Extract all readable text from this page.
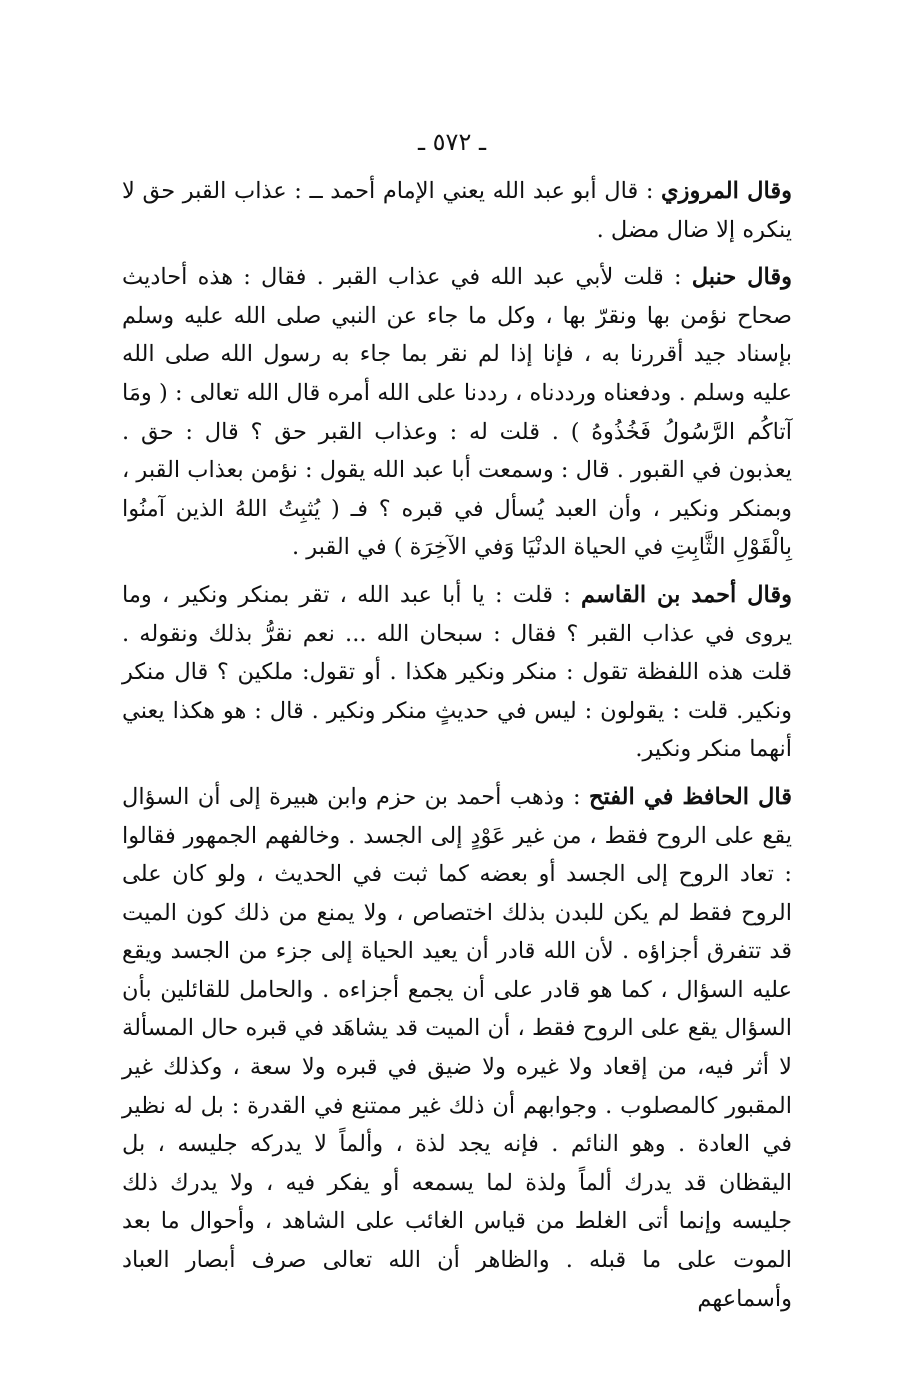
ـ ٥٧٢ ـ

وقال المروزي : قال أبو عبد الله يعني الإمام أحمد ــ : عذاب القبر حق لا ينكره إلا ضال مضل .

وقال حنبل : قلت لأبي عبد الله في عذاب القبر . فقال : هذه أحاديث صحاح نؤمن بها ونقرّ بها ، وكل ما جاء عن النبي صلى الله عليه وسلم بإسناد جيد أقررنا به ، فإنا إذا لم نقر بما جاء به رسول الله صلى الله عليه وسلم . ودفعناه ورددناه ، رددنا على الله أمره قال الله تعالى : ( ومَا آتاكُم الرَّسُولُ فَخُذُوهُ ) . قلت له : وعذاب القبر حق ؟ قال : حق . يعذبون في القبور . قال : وسمعت أبا عبد الله يقول : نؤمن بعذاب القبر ، وبمنكر ونكير ، وأن العبد يُسأل في قبره ؟ فـ ( يُثبِتُ اللهُ الذين آمنُوا بِالْقَوْلِ الثَّابِتِ في الحياة الدنْيَا وَفي الآخِرَة ) في القبر .

وقال أحمد بن القاسم : قلت : يا أبا عبد الله ، تقر بمنكر ونكير ، وما يروى في عذاب القبر ؟ فقال : سبحان الله ... نعم نقرُّ بذلك ونقوله . قلت هذه اللفظة تقول : منكر ونكير هكذا . أو تقول: ملكين ؟ قال منكر ونكير. قلت : يقولون : ليس في حديثٍ منكر ونكير . قال : هو هكذا يعني أنهما منكر ونكير.

قال الحافظ في الفتح : وذهب أحمد بن حزم وابن هبيرة إلى أن السؤال يقع على الروح فقط ، من غير عَوْدٍ إلى الجسد . وخالفهم الجمهور فقالوا : تعاد الروح إلى الجسد أو بعضه كما ثبت في الحديث ، ولو كان على الروح فقط لم يكن للبدن بذلك اختصاص ، ولا يمنع من ذلك كون الميت قد تتفرق أجزاؤه . لأن الله قادر أن يعيد الحياة إلى جزء من الجسد ويقع عليه السؤال ، كما هو قادر على أن يجمع أجزاءه . والحامل للقائلين بأن السؤال يقع على الروح فقط ، أن الميت قد يشاهَد في قبره حال المسألة لا أثر فيه، من إقعاد ولا غيره ولا ضيق في قبره ولا سعة ، وكذلك غير المقبور كالمصلوب . وجوابهم أن ذلك غير ممتنع في القدرة : بل له نظير في العادة . وهو النائم . فإنه يجد لذة ، وألماً لا يدركه جليسه ، بل اليقظان قد يدرك ألماً ولذة لما يسمعه أو يفكر فيه ، ولا يدرك ذلك جليسه وإنما أتى الغلط من قياس الغائب على الشاهد ، وأحوال ما بعد الموت على ما قبله . والظاهر أن الله تعالى صرف أبصار العباد وأسماعهم
